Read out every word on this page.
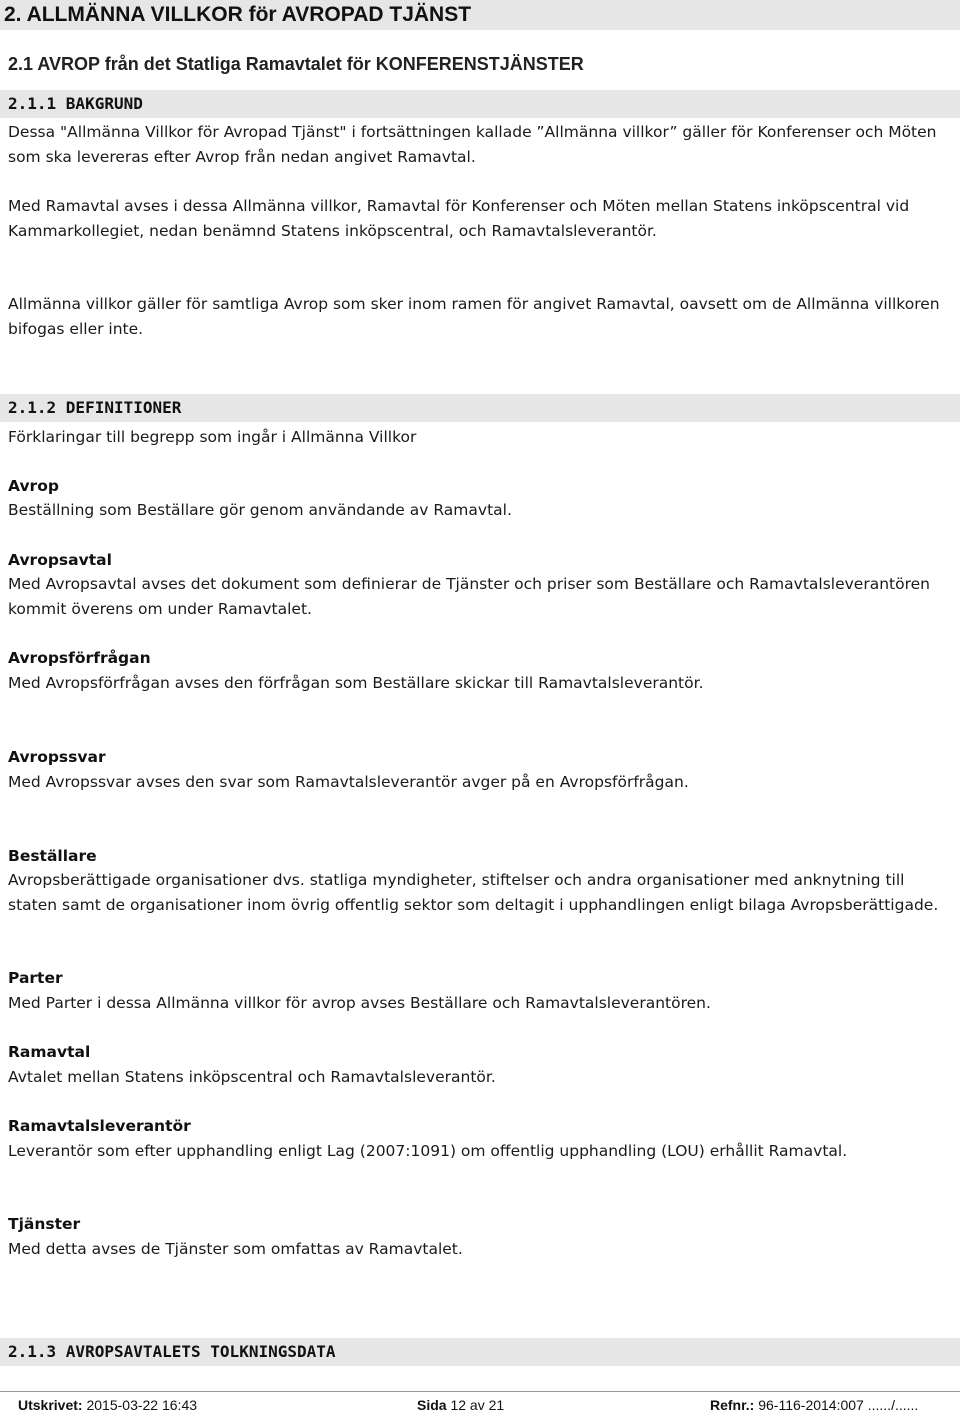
2. ALLMÄNNA VILLKOR för AVROPAD TJÄNST
2.1 AVROP från det Statliga Ramavtalet för KONFERENSTJÄNSTER
2.1.1 BAKGRUND
Dessa "Allmänna Villkor för Avropad Tjänst" i fortsättningen kallade ”Allmänna villkor” gäller för Konferenser och Möten som ska levereras efter Avrop från nedan angivet Ramavtal.
Med Ramavtal avses i dessa Allmänna villkor, Ramavtal för Konferenser och Möten mellan Statens inköpscentral vid Kammarkollegiet, nedan benämnd Statens inköpscentral, och Ramavtalsleverantör.
Allmänna villkor gäller för samtliga Avrop som sker inom ramen för angivet Ramavtal, oavsett om de Allmänna villkoren bifogas eller inte.
2.1.2 DEFINITIONER
Förklaringar till begrepp som ingår i Allmänna Villkor
Avrop
Beställning som Beställare gör genom användande av Ramavtal.
Avropsavtal
Med Avropsavtal avses det dokument som definierar de Tjänster och priser som Beställare och Ramavtalsleverantören kommit överens om under Ramavtalet.
Avropsförfrågan
Med Avropsförfrågan avses den förfrågan som Beställare skickar till Ramavtalsleverantör.
Avropssvar
Med Avropssvar avses den svar som Ramavtalsleverantör avger på en Avropsförfrågan.
Beställare
Avropsberättigade organisationer dvs. statliga myndigheter, stiftelser och andra organisationer med anknytning till staten samt de organisationer inom övrig offentlig sektor som deltagit i upphandlingen enligt bilaga Avropsberättigade.
Parter
Med Parter i dessa Allmänna villkor för avrop avses Beställare och Ramavtalsleverantören.
Ramavtal
Avtalet mellan Statens inköpscentral och Ramavtalsleverantör.
Ramavtalsleverantör
Leverantör som efter upphandling enligt Lag (2007:1091) om offentlig upphandling (LOU) erhållit Ramavtal.
Tjänster
Med detta avses de Tjänster som omfattas av Ramavtalet.
2.1.3 AVROPSAVTALETS TOLKNINGSDATA
Utskrivet: 2015-03-22 16:43	Sida 12 av 21	Refnr.: 96-116-2014:007 ....../......
